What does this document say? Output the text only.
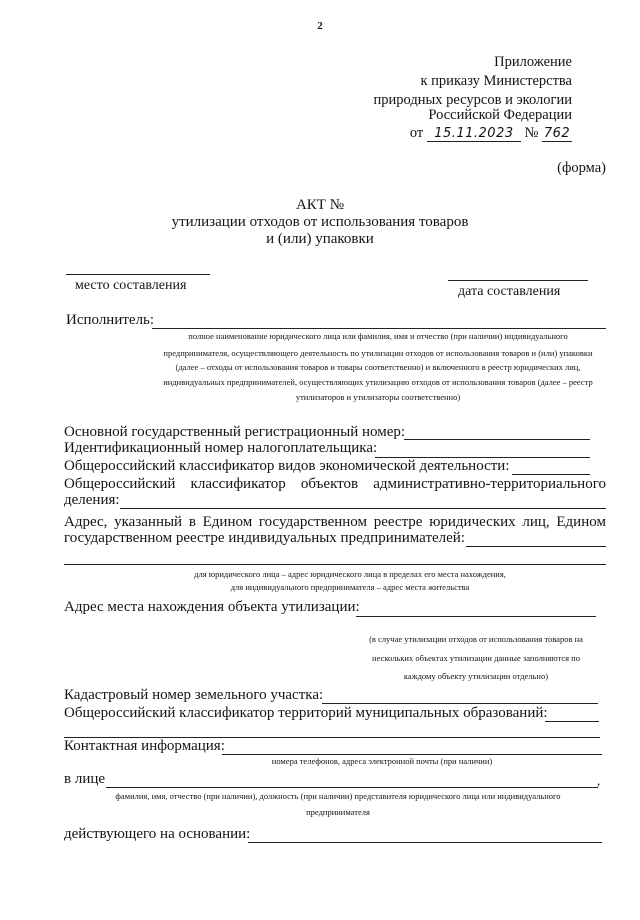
2
Приложение
к приказу Министерства
природных ресурсов и экологии
Российской Федерации
от 15.11.2023 № 762
(форма)
АКТ №
утилизации отходов от использования товаров
и (или) упаковки
место составления	дата составления
Исполнитель:
полное наименование юридического лица или фамилия, имя и отчество (при наличии) индивидуального
предпринимателя, осуществляющего деятельность по утилизации отходов от использования товаров и (или) упаковки
(далее – отходы от использования товаров и товары соответственно) и включенного в реестр юридических лиц,
индивидуальных предпринимателей, осуществляющих утилизацию отходов от использования товаров (далее – реестр
утилизаторов и утилизаторы соответственно)
Основной государственный регистрационный номер:
Идентификационный номер налогоплательщика:
Общероссийский классификатор видов экономической деятельности:
Общероссийский классификатор объектов административно-территориального
деления:
Адрес, указанный в Едином государственном реестре юридических лиц, Едином
государственном реестре индивидуальных предпринимателей:
для юридического лица – адрес юридического лица в пределах его места нахождения,
для индивидуального предпринимателя – адрес места жительства
Адрес места нахождения объекта утилизации:
(в случае утилизации отходов от использования товаров на
нескольких объектах утилизации данные заполняются по
каждому объекту утилизации отдельно)
Кадастровый номер земельного участка:
Общероссийский классификатор территорий муниципальных образований:
Контактная информация:
номера телефонов, адреса электронной почты (при наличии)
в лице	,
фамилия, имя, отчество (при наличии), должность (при наличии) представителя юридического лица или индивидуального
предпринимателя
действующего на основании:
